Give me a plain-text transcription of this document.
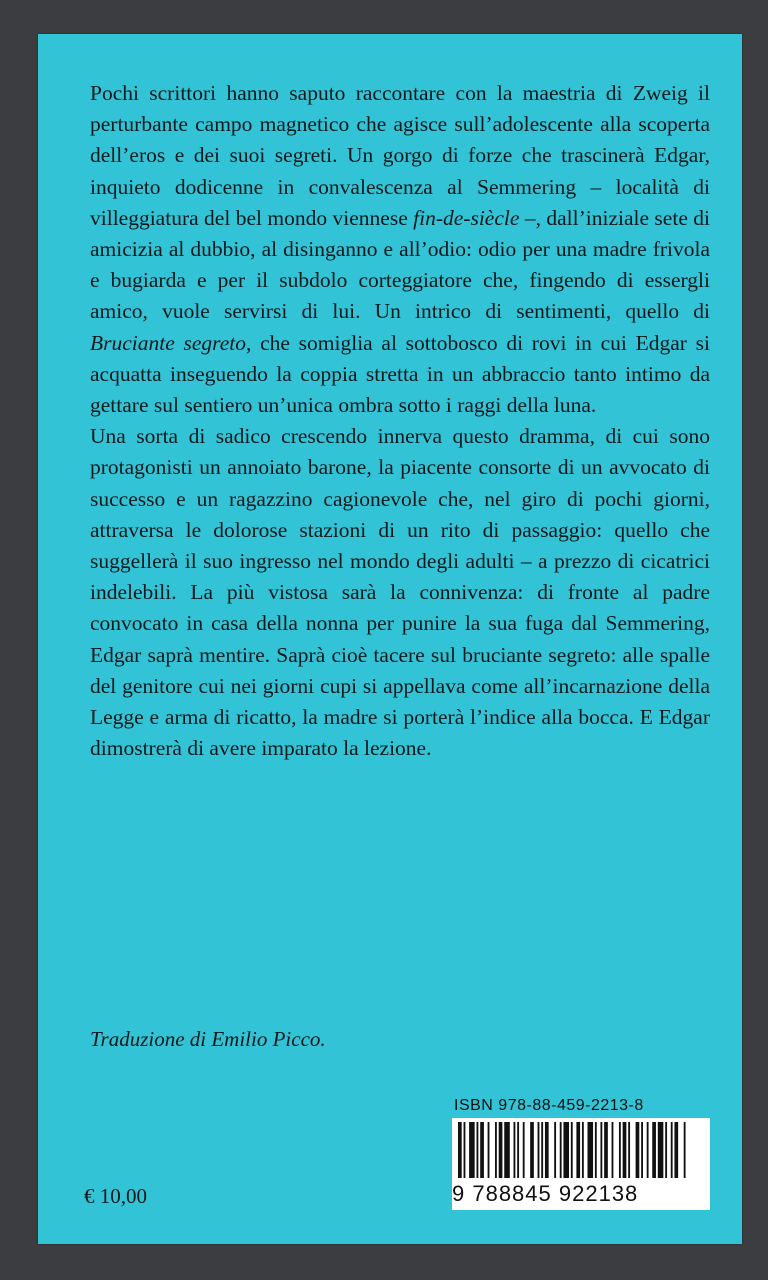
Pochi scrittori hanno saputo raccontare con la maestria di Zweig il perturbante campo magnetico che agisce sull’adolescente alla scoperta dell’eros e dei suoi segreti. Un gorgo di forze che trascinerà Edgar, inquieto dodicenne in convalescenza al Semmering – località di villeggiatura del bel mondo viennese fin-de-siècle –, dall’iniziale sete di amicizia al dubbio, al disinganno e all’odio: odio per una madre frivola e bugiarda e per il subdolo corteggiatore che, fingendo di essergli amico, vuole servirsi di lui. Un intrico di sentimenti, quello di Bruciante segreto, che somiglia al sottobosco di rovi in cui Edgar si acquatta inseguendo la coppia stretta in un abbraccio tanto intimo da gettare sul sentiero un’unica ombra sotto i raggi della luna.

Una sorta di sadico crescendo innerva questo dramma, di cui sono protagonisti un annoiato barone, la piacente consorte di un avvocato di successo e un ragazzino cagionevole che, nel giro di pochi giorni, attraversa le dolorose stazioni di un rito di passaggio: quello che suggellerà il suo ingresso nel mondo degli adulti – a prezzo di cicatrici indelebili. La più vistosa sarà la connivenza: di fronte al padre convocato in casa della nonna per punire la sua fuga dal Semmering, Edgar saprà mentire. Saprà cioè tacere sul bruciante segreto: alle spalle del genitore cui nei giorni cupi si appellava come all’incarnazione della Legge e arma di ricatto, la madre si porterà l’indice alla bocca. E Edgar dimostrerà di avere imparato la lezione.

Traduzione di Emilio Picco.
ISBN 978-88-459-2213-8
9 788845 922138
€ 10,00
